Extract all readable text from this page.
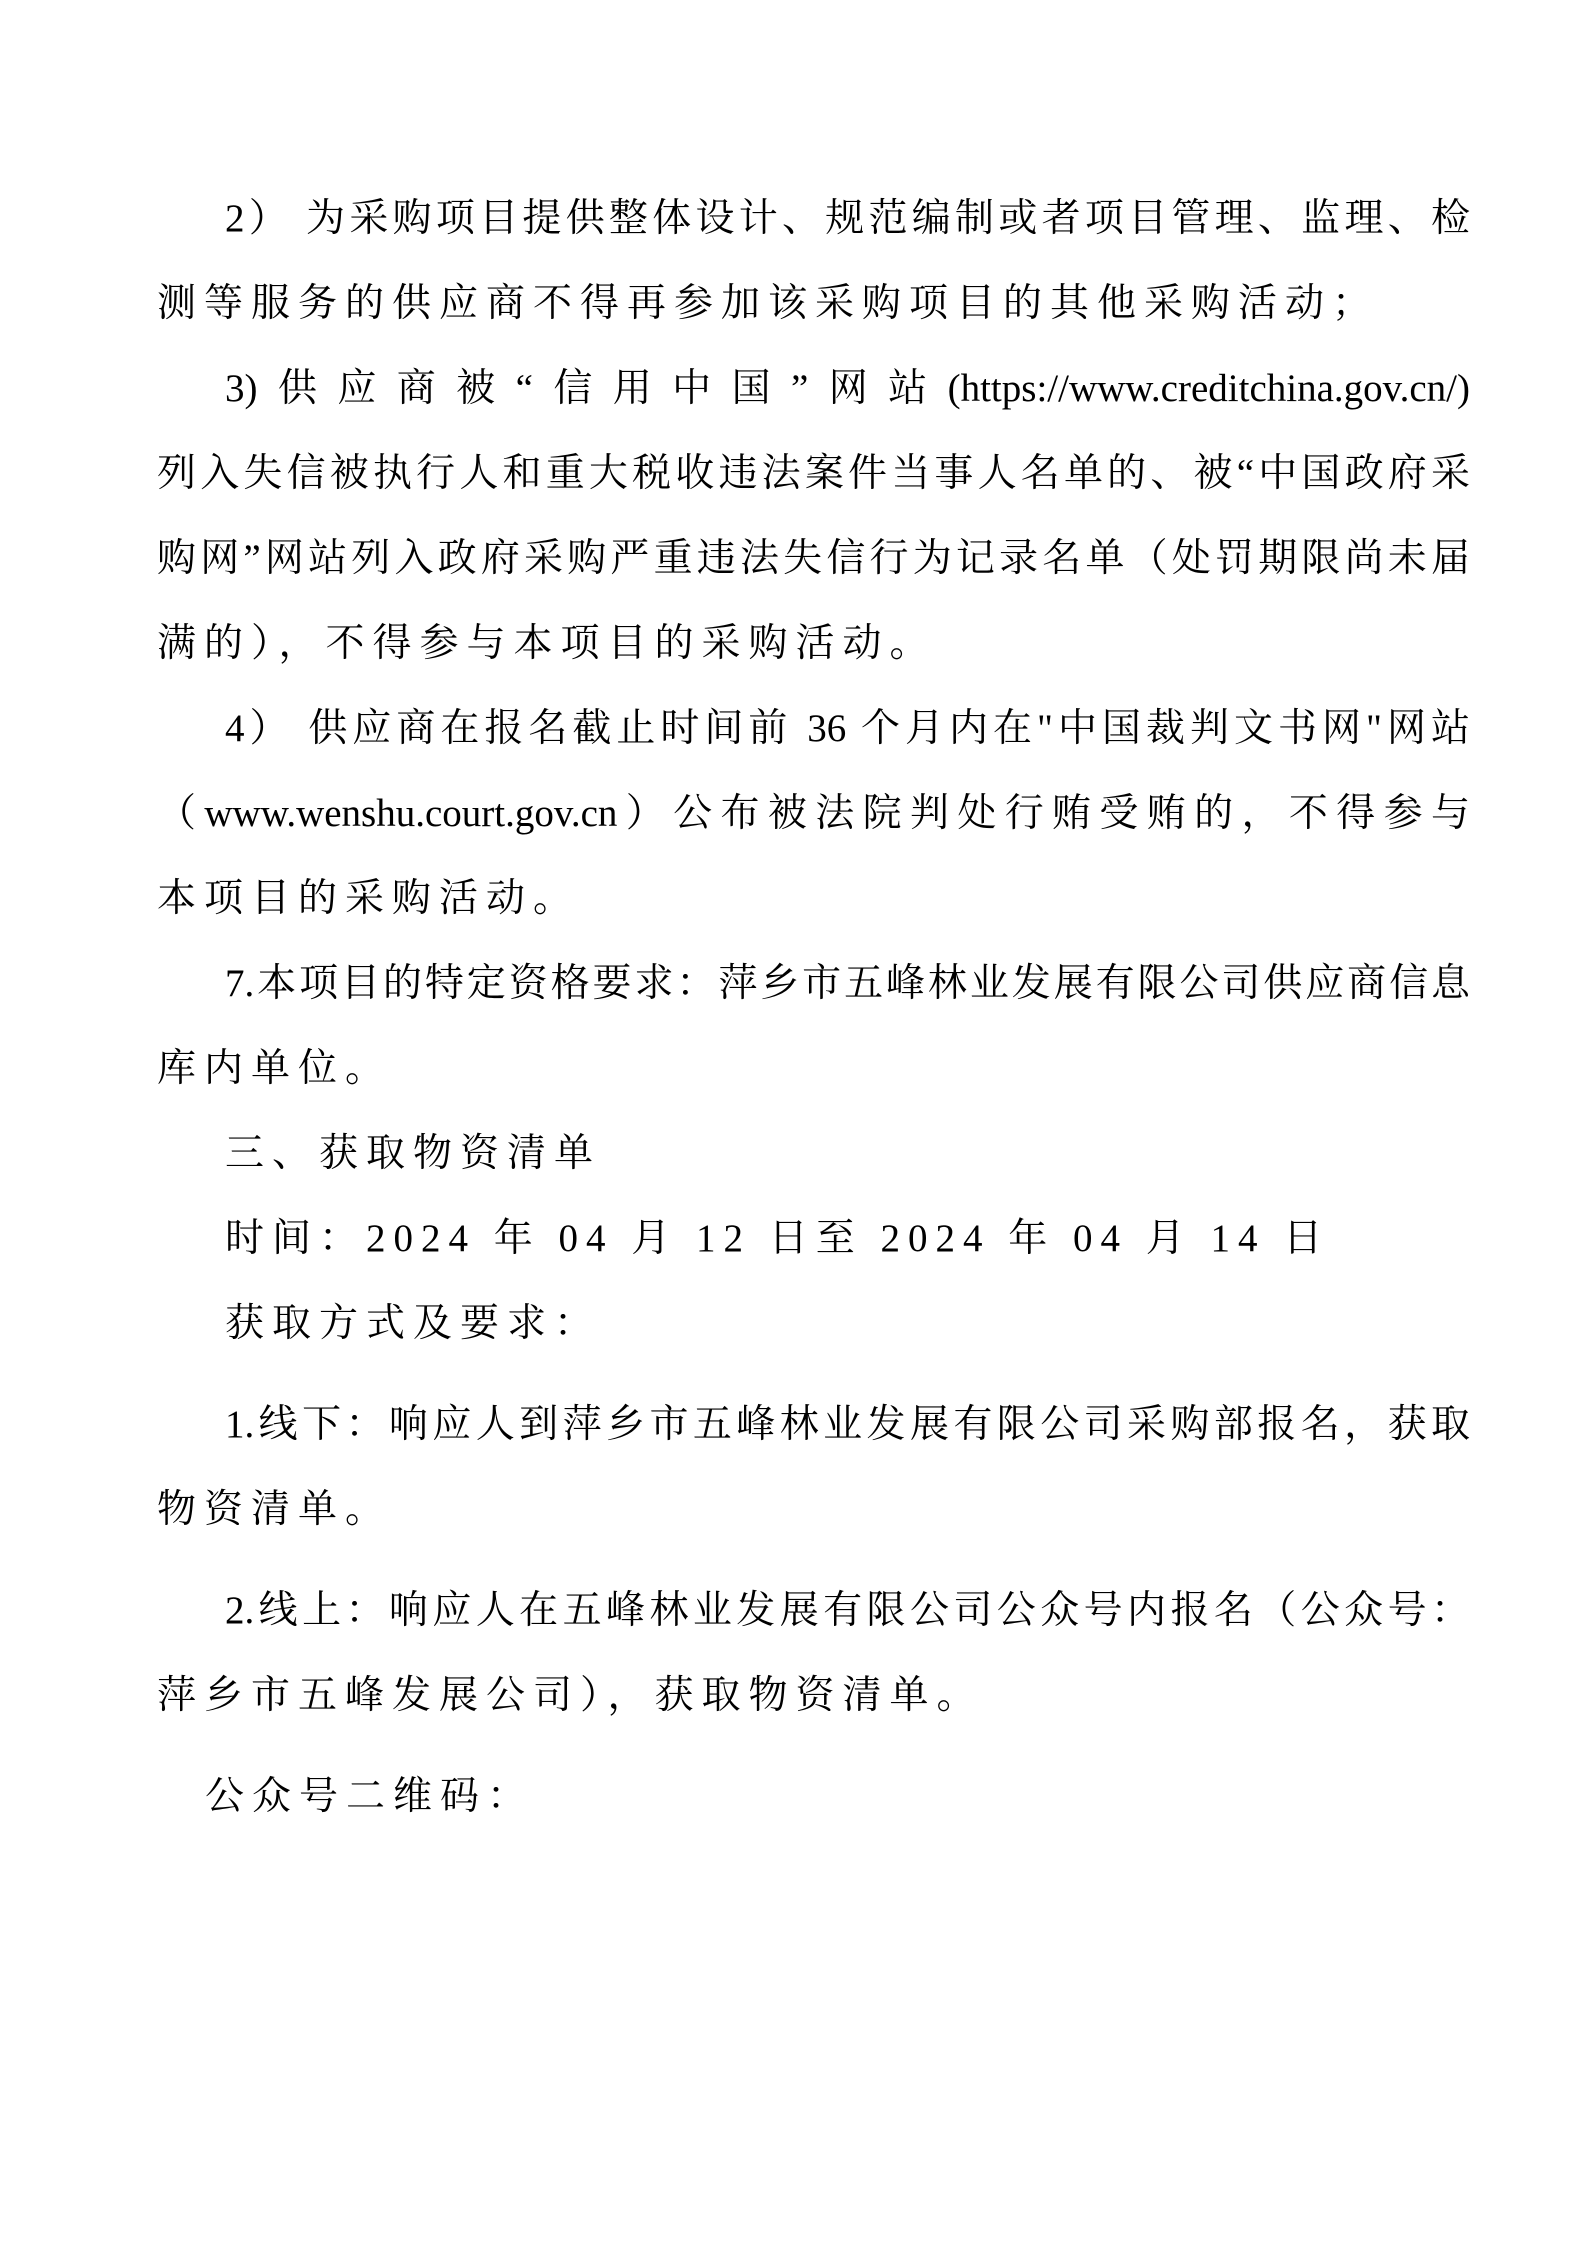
2） 为采购项目提供整体设计、规范编制或者项目管理、监理、检
测等服务的供应商不得再参加该采购项目的其他采购活动；
3)供应商被“信用中国”网站(https://www.creditchina.gov.cn/)
列入失信被执行人和重大税收违法案件当事人名单的、被“中国政府采
购网”网站列入政府采购严重违法失信行为记录名单（处罚期限尚未届
满的），不得参与本项目的采购活动。
4） 供应商在报名截止时间前 36 个月内在"中国裁判文书网"网站
（www.wenshu.court.gov.cn）公布被法院判处行贿受贿的，不得参与
本项目的采购活动。
7.本项目的特定资格要求：萍乡市五峰林业发展有限公司供应商信息
库内单位。
三、获取物资清单
时间：2024 年 04 月 12 日至 2024 年 04 月 14 日
获取方式及要求：
1.线下：响应人到萍乡市五峰林业发展有限公司采购部报名，获取
物资清单。
2.线上：响应人在五峰林业发展有限公司公众号内报名（公众号：
萍乡市五峰发展公司），获取物资清单。
公众号二维码：
